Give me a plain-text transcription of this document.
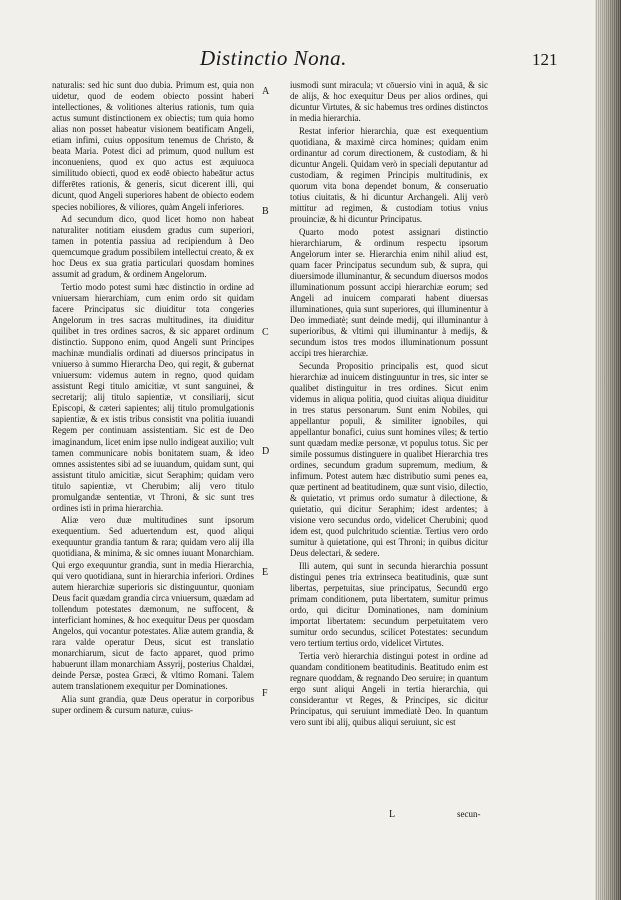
Distinctio Nona.	121

naturalis: sed hic sunt duo dubia. Primum est, quia non uidetur, quod de eodem obiecto possint haberi intellectiones, & volitiones alterius rationis, tum quia actus sumunt distinctionem ex obiectis; tum quia homo alias non posset habeatur visionem beatificam Angeli, etiam infimi, cuius oppositum tenemus de Christo, & beata Maria. Potest dici ad primum, quod nullum est inconueniens, quod ex quo actus est æquiuoca similitudo obiecti, quod ex eodē obiecto habeātur actus differētes rationis, & generis, sicut dicerent illi, qui dicunt, quod Angeli superiores habent de obiecto eodem species nobiliores, & viliores, quàm Angeli inferiores.

Ad secundum dico, quod licet homo non habeat naturaliter notitiam eiusdem gradus cum superiori, tamen in potentia passiua ad recipiendum à Deo quemcumque gradum possibilem intellectui creato, & ex hoc Deus ex sua gratia particulari quosdam homines assumit ad gradum, & ordinem Angelorum.

Tertio modo potest sumi hæc distinctio in ordine ad vniuersam hierarchiam, cum enim ordo sit quidam facere Principatus sic diuiditur tota congeries Angelorum in tres sacras multitudines, ita diuiditur quilibet in tres ordines sacros, & sic apparet ordinum distinctio. Suppono enim, quod Angeli sunt Principes machinæ mundialis ordinati ad diuersos principatus in vniuerso à summo Hierarcha Deo, qui regit, & gubernat vniuersum: videmus autem in regno, quod quidam assistunt Regi titulo amicitiæ, vt sunt sanguinei, & secretarij; alij titulo sapientiæ, vt consiliarij, sicut Episcopi, & cæteri sapientes; alij titulo promulgationis sapientiæ, & ex istis tribus consistit vna politia iuuandi Regem per continuam assistentiam. Sic est de Deo imaginandum, licet enim ipse nullo indigeat auxilio; vult tamen communicare nobis bonitatem suam, & ideo omnes assistentes sibi ad se iuuandum, quidam sunt, qui assistunt titulo amicitiæ, sicut Seraphim; quidam vero titulo sapientiæ, vt Cherubim; alij vero titulo promulgandæ sententiæ, vt Throni, & sic sunt tres ordines isti in prima hierarchia.

Aliæ vero duæ multitudines sunt ipsorum exequentium. Sed aduertendum est, quod aliqui exequuntur grandia tantum & rara; quidam vero alij illa quotidiana, & minima, & sic omnes iuuant Monarchiam. Qui ergo exequuntur grandia, sunt in media Hierarchia, qui vero quotidiana, sunt in hierarchia inferiori. Ordines autem hierarchiæ superioris sic distinguuntur, quoniam Deus facit quædam grandia circa vniuersum, quædam ad tollendum potestates dæmonum, ne suffocent, & interficiant homines, & hoc exequitur Deus per quosdam Angelos, qui vocantur potestates. Aliæ autem grandia, & rara valde operatur Deus, sicut est translatio monarchiarum, sicut de facto apparet, quod primo habuerunt illam monarchiam Assyrij, posterius Chaldæi, deinde Persæ, postea Græci, & vltimo Romani. Talem autem translationem exequitur per Dominationes.

Alia sunt grandia, quæ Deus operatur in corporibus super ordinem & cursum naturæ, cuius-

A
B
C
D
E
F

iusmodi sunt miracula; vt cōuersio vini in aquā, & sic de alijs, & hoc exequitur Deus per alios ordines, qui dicuntur Virtutes, & sic habemus tres ordines distinctos in media hierarchia.

Restat inferior hierarchia, quæ est exequentium quotidiana, & maximè circa homines; quidam enim ordinantur ad corum directionem, & custodiam, & hi dicuntur Angeli. Quidam verò in speciali deputantur ad custodiam, & regimen Principis multitudinis, ex quorum vita bona dependet bonum, & conseruatio totius ciuitatis, & hi dicuntur Archangeli. Alij verò mittitur ad regimen, & custodiam totius vnius prouinciæ, & hi dicuntur Principatus.

Quarto modo potest assignari distinctio hierarchiarum, & ordinum respectu ipsorum Angelorum inter se. Hierarchia enim nihil aliud est, quam facer Principatus secundum sub, & supra, qui diuersimode illuminantur, & secundum diuersos modos illuminationum possunt accipi hierarchiæ eorum; sed Angeli ad inuicem comparati habent diuersas illuminationes, quia sunt superiores, qui illuminentur à Deo immediatè; sunt deinde medij, qui illuminantur à superioribus, & vltimi qui illuminantur à medijs, & secundum istos tres modos illuminationum possunt accipi tres hierarchiæ.

Secunda Propositio principalis est, quod sicut hierarchiæ ad inuicem distinguuntur in tres, sic inter se qualibet distinguitur in tres ordines. Sicut enim videmus in aliqua politia, quod ciuitas aliqua diuiditur in tres status personarum. Sunt enim Nobiles, qui appellantur populi, & similiter ignobiles, qui appellantur bonafici, cuius sunt homines viles; & tertio sunt quædam mediæ personæ, vt populus totus. Sic per simile possumus distinguere in qualibet Hierarchia tres ordines, secundum gradum supremum, medium, & infimum. Potest autem hæc distributio sumi penes ea, quæ pertinent ad beatitudinem, quæ sunt visio, dilectio, & quietatio, vt primus ordo sumatur à dilectione, & quietatio, qui dicitur Seraphim; idest ardentes; à visione vero secundus ordo, videlicet Cherubini; quod idem est, quod pulchritudo scientiæ. Tertius vero ordo sumitur à quietatione, qui est Throni; in quibus dicitur Deus delectari, & sedere.

Illi autem, qui sunt in secunda hierarchia possunt distingui penes tria extrinseca beatitudinis, quæ sunt libertas, perpetuitas, siue principatus, Secundū ergo primam conditionem, puta libertatem, sumitur primus ordo, qui dicitur Dominationes, nam dominium importat libertatem: secundum perpetuitatem vero sumitur ordo secundus, scilicet Potestates: secundum vero tertium tertius ordo, videlicet Virtutes.

Tertia verò hierarchia distingui potest in ordine ad quandam conditionem beatitudinis. Beatitudo enim est regnare quoddam, & regnando Deo seruire; in quantum ergo sunt aliqui Angeli in tertia hierarchia, qui considerantur vt Reges, & Principes, sic dicitur Principatus, qui seruiunt immediatè Deo. In quantum vero sunt ibi alij, quibus aliqui seruiunt, sic est

L	secun-
